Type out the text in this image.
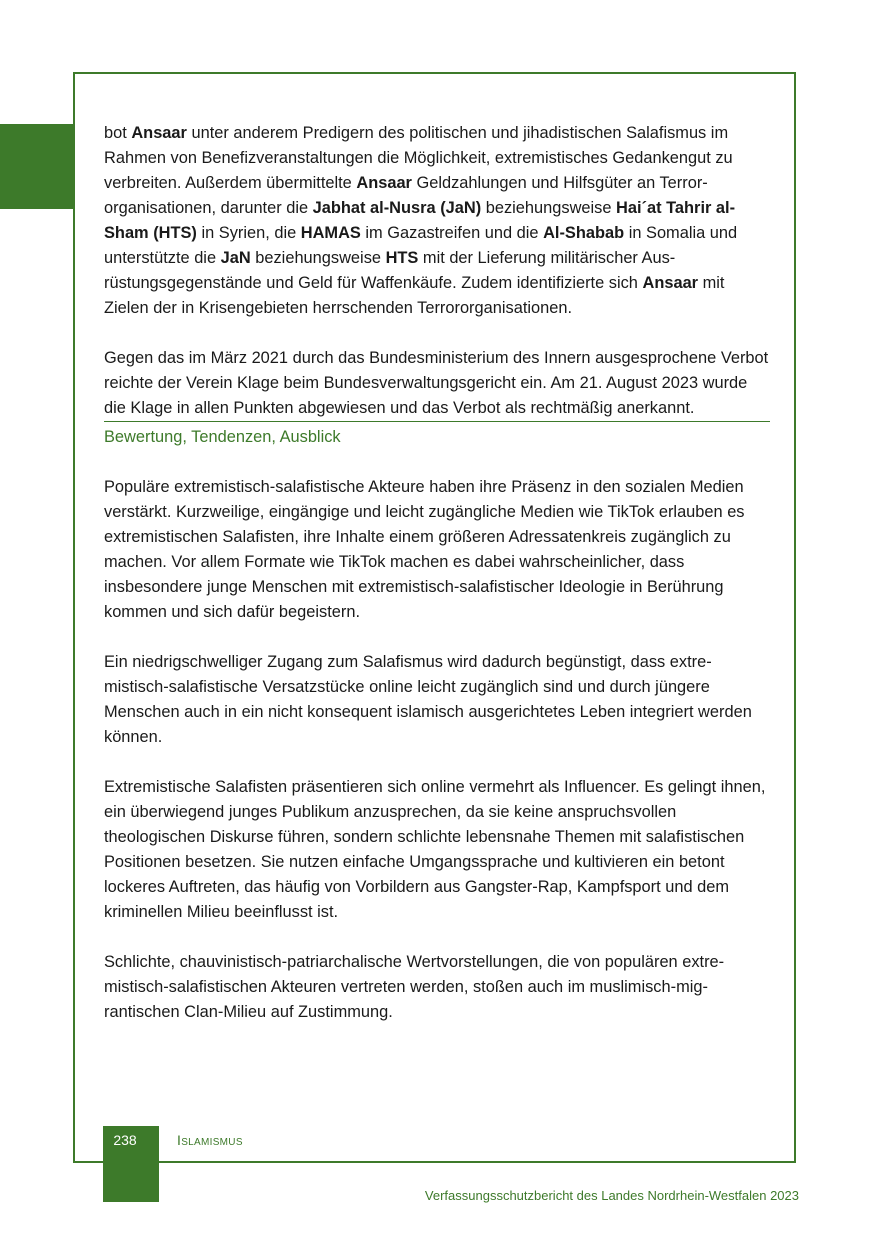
bot Ansaar unter anderem Predigern des politischen und jihadistischen Salafismus im Rahmen von Benefizveranstaltungen die Möglichkeit, extremistisches Gedankengut zu verbreiten. Außerdem übermittelte Ansaar Geldzahlungen und Hilfsgüter an Terrororganisationen, darunter die Jabhat al-Nusra (JaN) beziehungsweise Hai´at Tahrir al-Sham (HTS) in Syrien, die HAMAS im Gazastreifen und die Al-Shabab in Somalia und unterstützte die JaN beziehungsweise HTS mit der Lieferung militärischer Ausrüstungsgegenstände und Geld für Waffenkäufe. Zudem identifizierte sich Ansaar mit Zielen der in Krisengebieten herrschenden Terrororganisationen.

Gegen das im März 2021 durch das Bundesministerium des Innern ausgesprochene Verbot reichte der Verein Klage beim Bundesverwaltungsgericht ein. Am 21. August 2023 wurde die Klage in allen Punkten abgewiesen und das Verbot als rechtmäßig anerkannt.

Bewertung, Tendenzen, Ausblick

Populäre extremistisch-salafistische Akteure haben ihre Präsenz in den sozialen Medien verstärkt. Kurzweilige, eingängige und leicht zugängliche Medien wie TikTok erlauben es extremistischen Salafisten, ihre Inhalte einem größeren Adressatenkreis zugänglich zu machen. Vor allem Formate wie TikTok machen es dabei wahrscheinlicher, dass insbesondere junge Menschen mit extremistisch-salafistischer Ideologie in Berührung kommen und sich dafür begeistern.

Ein niedrigschwelliger Zugang zum Salafismus wird dadurch begünstigt, dass extremistisch-salafistische Versatzstücke online leicht zugänglich sind und durch jüngere Menschen auch in ein nicht konsequent islamisch ausgerichtetes Leben integriert werden können.

Extremistische Salafisten präsentieren sich online vermehrt als Influencer. Es gelingt ihnen, ein überwiegend junges Publikum anzusprechen, da sie keine anspruchsvollen theologischen Diskurse führen, sondern schlichte lebensnahe Themen mit salafistischen Positionen besetzen. Sie nutzen einfache Umgangssprache und kultivieren ein betont lockeres Auftreten, das häufig von Vorbildern aus Gangster-Rap, Kampfsport und dem kriminellen Milieu beeinflusst ist.

Schlichte, chauvinistisch-patriarchalische Wertvorstellungen, die von populären extremistisch-salafistischen Akteuren vertreten werden, stoßen auch im muslimisch-migrantischen Clan-Milieu auf Zustimmung.

238	Islamismus
Verfassungsschutzbericht des Landes Nordrhein-Westfalen 2023
